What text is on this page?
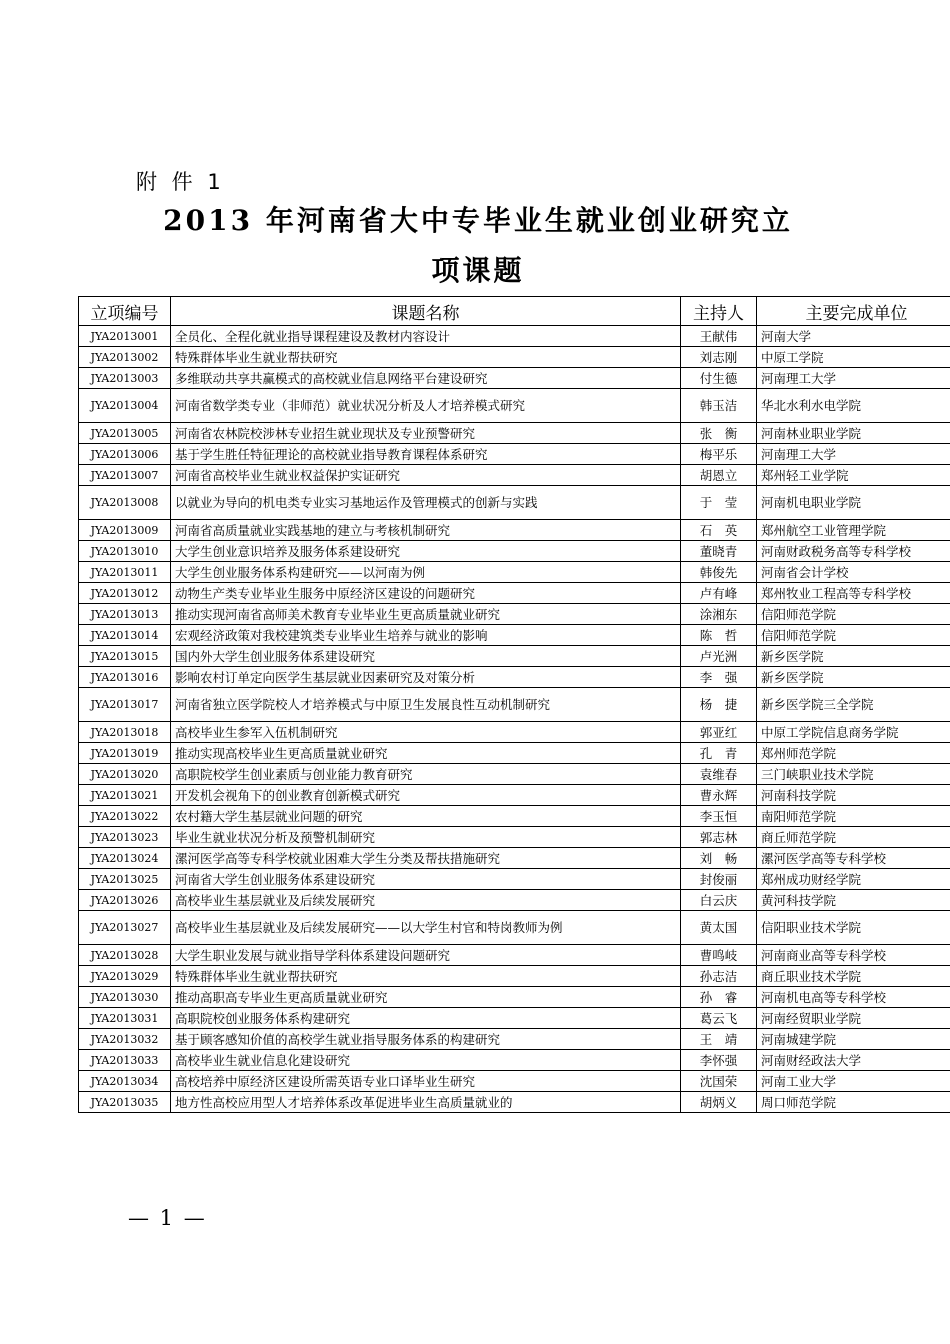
附 件 1
2013 年河南省大中专毕业生就业创业研究立
项课题
立项编号	课题名称	主持人	主要完成单位
JYA2013001	全员化、全程化就业指导课程建设及教材内容设计	王献伟	河南大学
JYA2013002	特殊群体毕业生就业帮扶研究	刘志刚	中原工学院
JYA2013003	多维联动共享共赢模式的高校就业信息网络平台建设研究	付生德	河南理工大学
JYA2013004	河南省数学类专业（非师范）就业状况分析及人才培养模式研究	韩玉洁	华北水利水电学院
JYA2013005	河南省农林院校涉林专业招生就业现状及专业预警研究	张　衡	河南林业职业学院
JYA2013006	基于学生胜任特征理论的高校就业指导教育课程体系研究	梅平乐	河南理工大学
JYA2013007	河南省高校毕业生就业权益保护实证研究	胡恩立	郑州轻工业学院
JYA2013008	以就业为导向的机电类专业实习基地运作及管理模式的创新与实践	于　莹	河南机电职业学院
JYA2013009	河南省高质量就业实践基地的建立与考核机制研究	石　英	郑州航空工业管理学院
JYA2013010	大学生创业意识培养及服务体系建设研究	董晓青	河南财政税务高等专科学校
JYA2013011	大学生创业服务体系构建研究——以河南为例	韩俊先	河南省会计学校
JYA2013012	动物生产类专业毕业生服务中原经济区建设的问题研究	卢有峰	郑州牧业工程高等专科学校
JYA2013013	推动实现河南省高师美术教育专业毕业生更高质量就业研究	涂湘东	信阳师范学院
JYA2013014	宏观经济政策对我校建筑类专业毕业生培养与就业的影响	陈　哲	信阳师范学院
JYA2013015	国内外大学生创业服务体系建设研究	卢光洲	新乡医学院
JYA2013016	影响农村订单定向医学生基层就业因素研究及对策分析	李　强	新乡医学院
JYA2013017	河南省独立医学院校人才培养模式与中原卫生发展良性互动机制研究	杨　捷	新乡医学院三全学院
JYA2013018	高校毕业生参军入伍机制研究	郭亚红	中原工学院信息商务学院
JYA2013019	推动实现高校毕业生更高质量就业研究	孔　青	郑州师范学院
JYA2013020	高职院校学生创业素质与创业能力教育研究	袁维春	三门峡职业技术学院
JYA2013021	开发机会视角下的创业教育创新模式研究	曹永辉	河南科技学院
JYA2013022	农村籍大学生基层就业问题的研究	李玉恒	南阳师范学院
JYA2013023	毕业生就业状况分析及预警机制研究	郭志林	商丘师范学院
JYA2013024	漯河医学高等专科学校就业困难大学生分类及帮扶措施研究	刘　畅	漯河医学高等专科学校
JYA2013025	河南省大学生创业服务体系建设研究	封俊丽	郑州成功财经学院
JYA2013026	高校毕业生基层就业及后续发展研究	白云庆	黄河科技学院
JYA2013027	高校毕业生基层就业及后续发展研究——以大学生村官和特岗教师为例	黄太国	信阳职业技术学院
JYA2013028	大学生职业发展与就业指导学科体系建设问题研究	曹鸣岐	河南商业高等专科学校
JYA2013029	特殊群体毕业生就业帮扶研究	孙志洁	商丘职业技术学院
JYA2013030	推动高职高专毕业生更高质量就业研究	孙　睿	河南机电高等专科学校
JYA2013031	高职院校创业服务体系构建研究	葛云飞	河南经贸职业学院
JYA2013032	基于顾客感知价值的高校学生就业指导服务体系的构建研究	王　靖	河南城建学院
JYA2013033	高校毕业生就业信息化建设研究	李怀强	河南财经政法大学
JYA2013034	高校培养中原经济区建设所需英语专业口译毕业生研究	沈国荣	河南工业大学
JYA2013035	地方性高校应用型人才培养体系改革促进毕业生高质量就业的	胡炳义	周口师范学院
— 1 —
